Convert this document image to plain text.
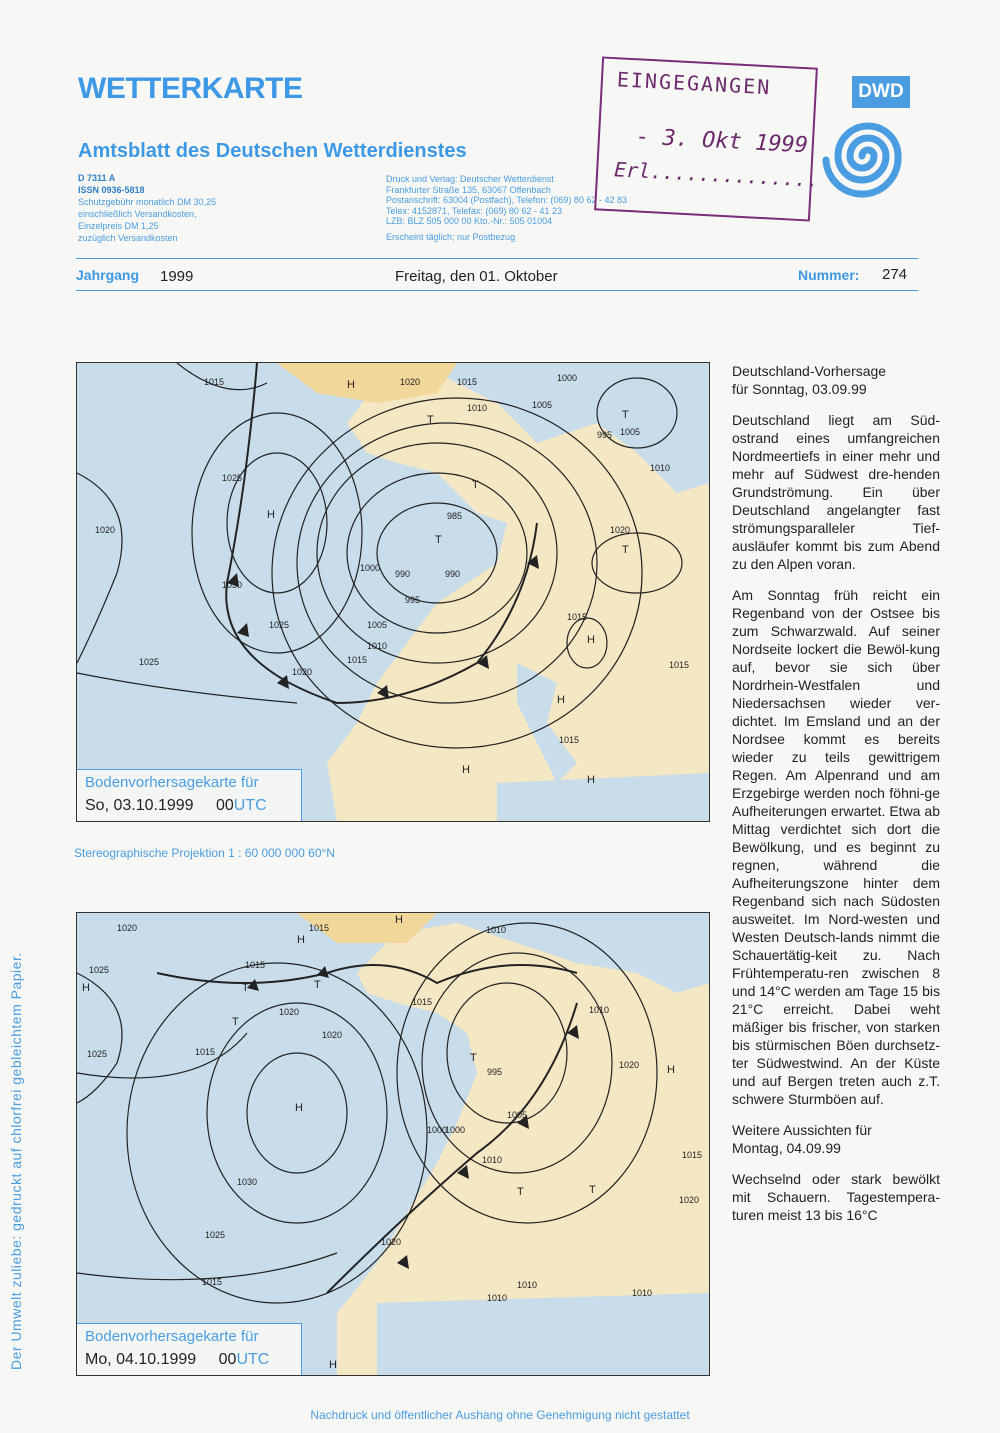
WETTERKARTE
Amtsblatt des Deutschen Wetterdienstes
D 7311 A
ISSN 0936-5818
Schutzgebühr monatlich DM 30,25
einschließlich Versandkosten,
Einzelpreis DM 1,25
zuzüglich Versandkosten
Druck und Verlag: Deutscher Wetterdienst
Frankfurter Straße 135, 63067 Offenbach
Postanschrift: 63004 (Postfach), Telefon: (069) 80 62 - 42 83
Telex: 4152871, Telefax: (069) 80 62 - 41 23
LZB: BLZ 505 000 00 Kto.-Nr.: 505 01004
Erscheint täglich; nur Postbezug
EINGEGANGEN
- 3. Okt 1999
Erl..............
DWD
Jahrgang 1999	Freitag, den 01. Oktober	Nummer: 274
H
T
H
T
H
H
H
H
T
T
T
1015	1020	1015	1000
1005
1010
995
1025
1020
1030
1025
1025
1020
990	990
995
985
1000
1005
1010
1015
1005
1010
1020
1015
1015
1015
Bodenvorhersagekarte für
So, 03.10.1999 00UTC
Stereographische Projektion 1 : 60 000 000 60°N
H
H
H	T
T
T
H
T
T	T
H
H
1020	1015
1025	1015
1020
1020
1025	1015
1030
1010
1015
995
1000
1000
1005
1010
1010
1020
1025
1015
1015
1020
1020
1010
1010	1010
Bodenvorhersagekarte für
Mo, 04.10.1999 00UTC

Deutschland-Vorhersage
für Sonntag, 03.09.99

Deutschland liegt am Süd-ostrand eines umfangreichen Nordmeertiefs in einer mehr und mehr auf Südwest dre-henden Grundströmung. Ein über Deutschland angelangter fast strömungsparalleler Tief-ausläufer kommt bis zum Abend zu den Alpen voran.

Am Sonntag früh reicht ein Regenband von der Ostsee bis zum Schwarzwald. Auf seiner Nordseite lockert die Bewöl-kung auf, bevor sie sich über Nordrhein-Westfalen und Niedersachsen wieder ver-dichtet. Im Emsland und an der Nordsee kommt es bereits wieder zu teils gewittrigem Regen. Am Alpenrand und am Erzgebirge werden noch föhni-ge Aufheiterungen erwartet. Etwa ab Mittag verdichtet sich dort die Bewölkung, und es beginnt zu regnen, während die Aufheiterungszone hinter dem Regenband sich nach Südosten ausweitet. Im Nord-westen und Westen Deutsch-lands nimmt die Schauertätig-keit zu. Nach Frühtemperatu-ren zwischen 8 und 14°C werden am Tage 15 bis 21°C erreicht. Dabei weht mäßiger bis frischer, von starken bis stürmischen Böen durchsetz-ter Südwestwind. An der Küste und auf Bergen treten auch z.T. schwere Sturmböen auf.

Weitere Aussichten für
Montag, 04.09.99

Wechselnd oder stark bewölkt mit Schauern. Tagestempera-turen meist 13 bis 16°C

Der Umwelt zuliebe: gedruckt auf chlorfrei gebleichtem Papier.
Nachdruck und öffentlicher Aushang ohne Genehmigung nicht gestattet
